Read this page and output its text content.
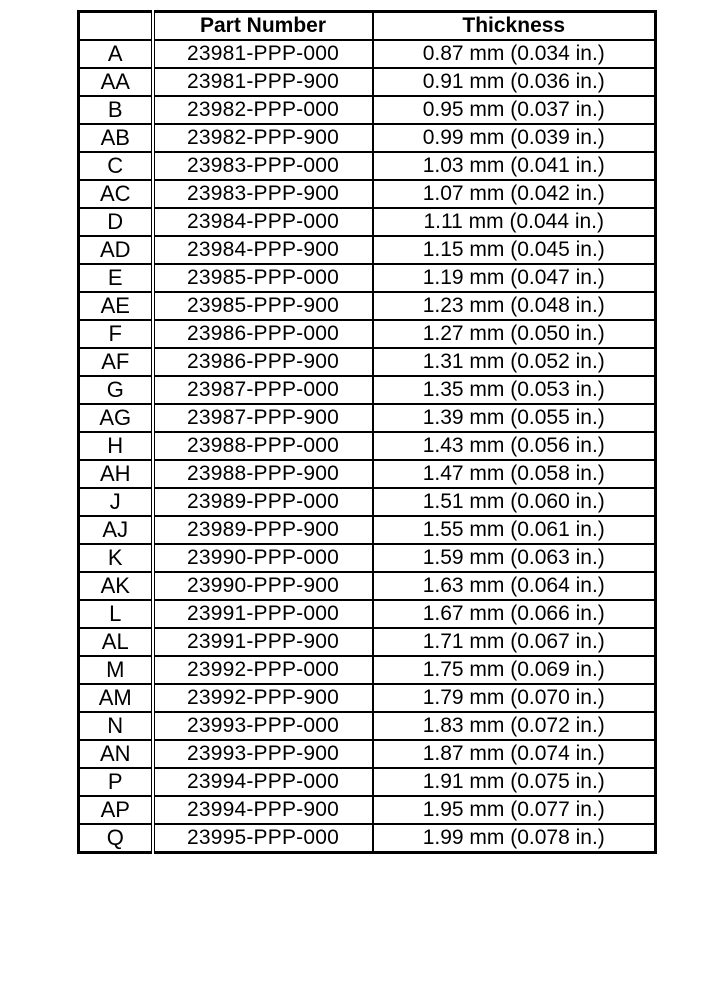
	Part Number	Thickness
A	23981-PPP-000	0.87 mm (0.034 in.)
AA	23981-PPP-900	0.91 mm (0.036 in.)
B	23982-PPP-000	0.95 mm (0.037 in.)
AB	23982-PPP-900	0.99 mm (0.039 in.)
C	23983-PPP-000	1.03 mm (0.041 in.)
AC	23983-PPP-900	1.07 mm (0.042 in.)
D	23984-PPP-000	1.11 mm (0.044 in.)
AD	23984-PPP-900	1.15 mm (0.045 in.)
E	23985-PPP-000	1.19 mm (0.047 in.)
AE	23985-PPP-900	1.23 mm (0.048 in.)
F	23986-PPP-000	1.27 mm (0.050 in.)
AF	23986-PPP-900	1.31 mm (0.052 in.)
G	23987-PPP-000	1.35 mm (0.053 in.)
AG	23987-PPP-900	1.39 mm (0.055 in.)
H	23988-PPP-000	1.43 mm (0.056 in.)
AH	23988-PPP-900	1.47 mm (0.058 in.)
J	23989-PPP-000	1.51 mm (0.060 in.)
AJ	23989-PPP-900	1.55 mm (0.061 in.)
K	23990-PPP-000	1.59 mm (0.063 in.)
AK	23990-PPP-900	1.63 mm (0.064 in.)
L	23991-PPP-000	1.67 mm (0.066 in.)
AL	23991-PPP-900	1.71 mm (0.067 in.)
M	23992-PPP-000	1.75 mm (0.069 in.)
AM	23992-PPP-900	1.79 mm (0.070 in.)
N	23993-PPP-000	1.83 mm (0.072 in.)
AN	23993-PPP-900	1.87 mm (0.074 in.)
P	23994-PPP-000	1.91 mm (0.075 in.)
AP	23994-PPP-900	1.95 mm (0.077 in.)
Q	23995-PPP-000	1.99 mm (0.078 in.)
